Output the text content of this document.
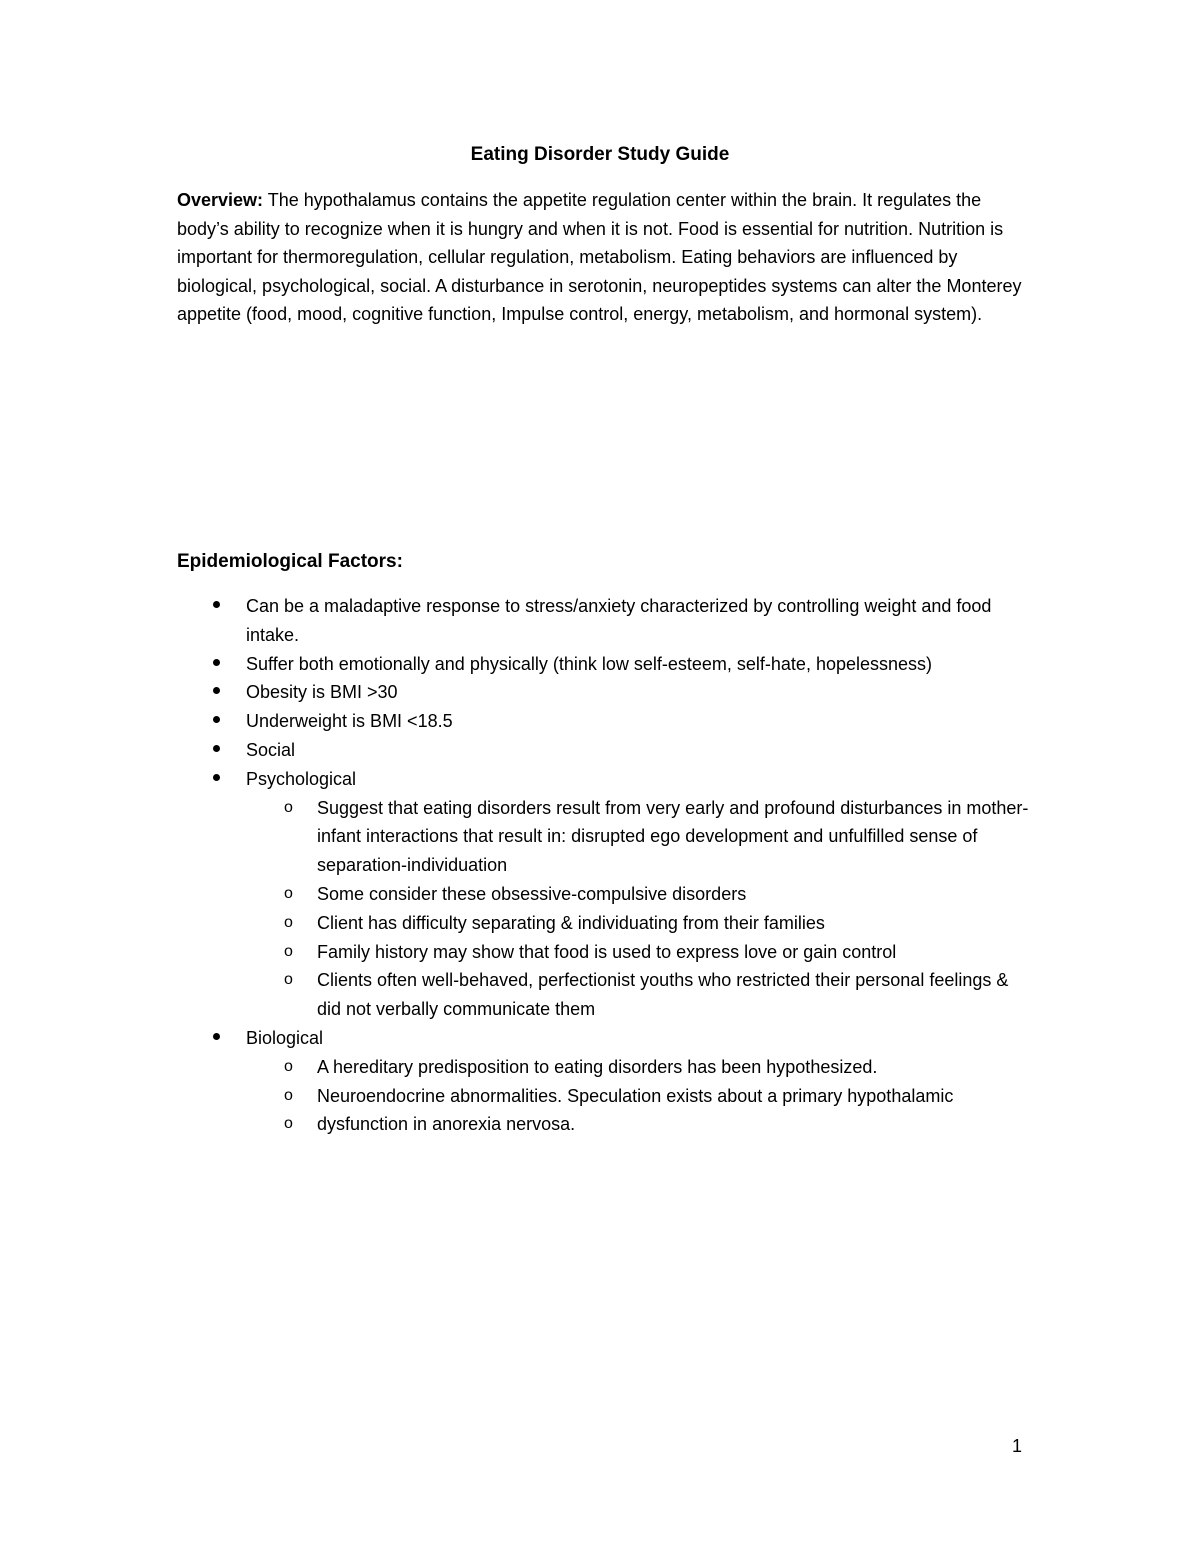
Eating Disorder Study Guide
Overview: The hypothalamus contains the appetite regulation center within the brain. It regulates the body’s ability to recognize when it is hungry and when it is not. Food is essential for nutrition. Nutrition is important for thermoregulation, cellular regulation, metabolism. Eating behaviors are influenced by biological, psychological, social. A disturbance in serotonin, neuropeptides systems can alter the Monterey appetite (food, mood, cognitive function, Impulse control, energy, metabolism, and hormonal system).
Epidemiological Factors:
Can be a maladaptive response to stress/anxiety characterized by controlling weight and food intake.
Suffer both emotionally and physically (think low self-esteem, self-hate, hopelessness)
Obesity is BMI >30
Underweight is BMI <18.5
Social
Psychological
o Suggest that eating disorders result from very early and profound disturbances in mother-infant interactions that result in: disrupted ego development and unfulfilled sense of separation-individuation
o Some consider these obsessive-compulsive disorders
o Client has difficulty separating & individuating from their families
o Family history may show that food is used to express love or gain control
o Clients often well-behaved, perfectionist youths who restricted their personal feelings & did not verbally communicate them
Biological
o A hereditary predisposition to eating disorders has been hypothesized.
o Neuroendocrine abnormalities. Speculation exists about a primary hypothalamic
o dysfunction in anorexia nervosa.
1
